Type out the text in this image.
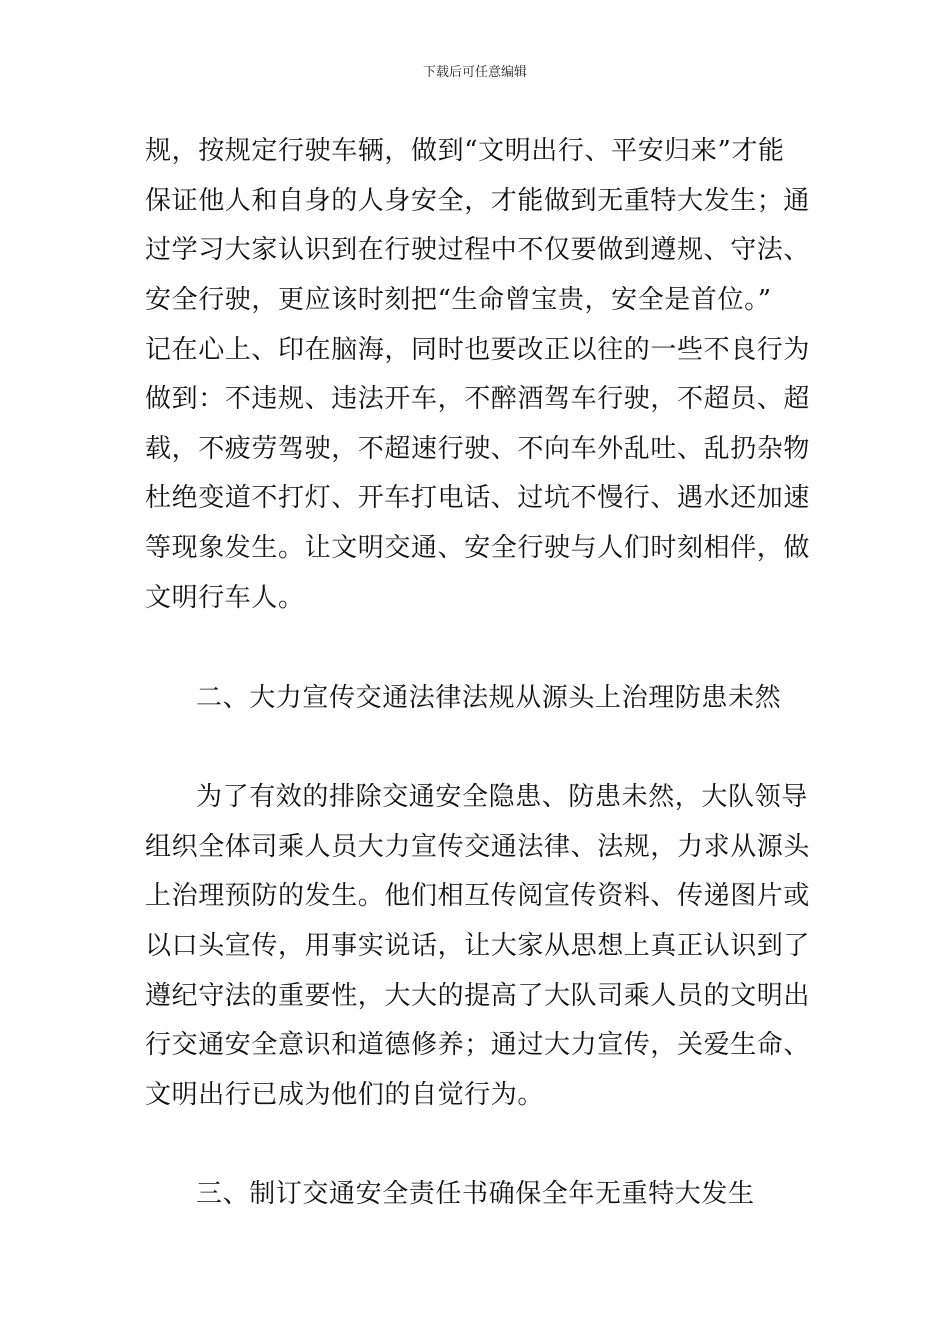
下载后可任意编辑
规，按规定行驶车辆，做到“文明出行、平安归来”才能
保证他人和自身的人身安全，才能做到无重特大发生；通
过学习大家认识到在行驶过程中不仅要做到遵规、守法、
安全行驶，更应该时刻把“生命曾宝贵，安全是首位。”
记在心上、印在脑海，同时也要改正以往的一些不良行为
做到：不违规、违法开车，不醉酒驾车行驶，不超员、超
载，不疲劳驾驶，不超速行驶、不向车外乱吐、乱扔杂物
杜绝变道不打灯、开车打电话、过坑不慢行、遇水还加速
等现象发生。让文明交通、安全行驶与人们时刻相伴，做
文明行车人。
二、大力宣传交通法律法规从源头上治理防患未然
为了有效的排除交通安全隐患、防患未然，大队领导
组织全体司乘人员大力宣传交通法律、法规，力求从源头
上治理预防的发生。他们相互传阅宣传资料、传递图片或
以口头宣传，用事实说话，让大家从思想上真正认识到了
遵纪守法的重要性，大大的提高了大队司乘人员的文明出
行交通安全意识和道德修养；通过大力宣传，关爱生命、
文明出行已成为他们的自觉行为。
三、制订交通安全责任书确保全年无重特大发生
